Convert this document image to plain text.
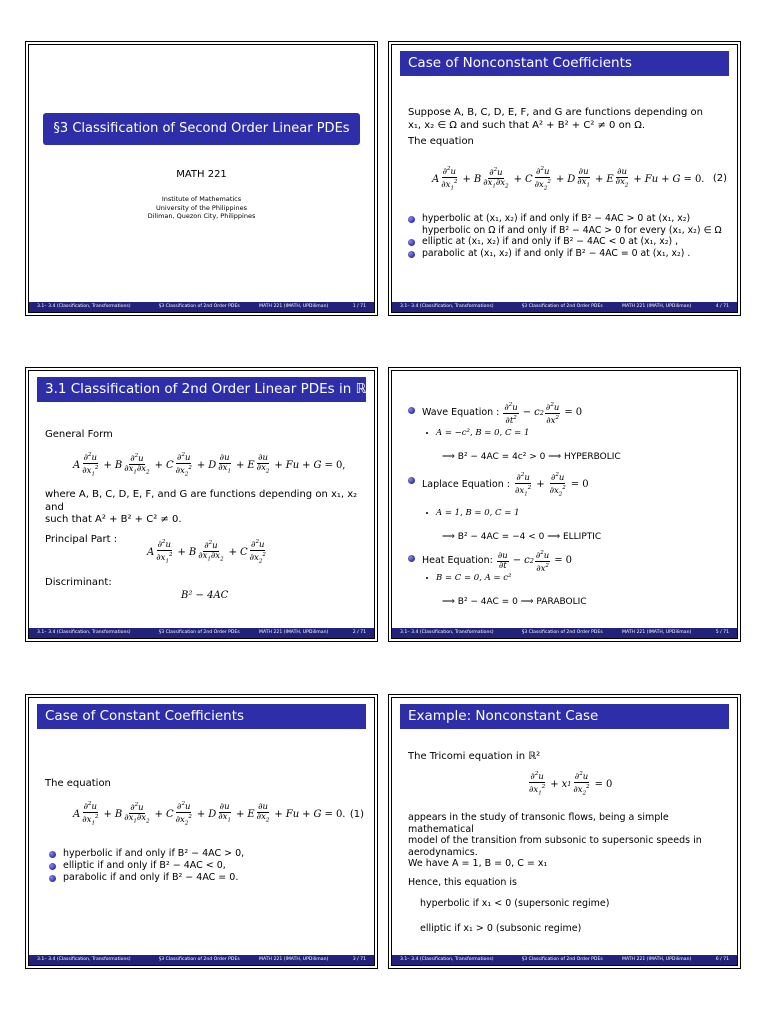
§3 Classification of Second Order Linear PDEs
MATH 221
Institute of Mathematics
University of the Philippines
Diliman, Quezon City, Philippines
3.1– 3.4 (Classification, Transformations)	§3 Classification of 2nd Order PDEs	MATH 221 (IMATH, UPDiliman)	1 / 71
Case of Nonconstant Coefficients

Suppose A, B, C, D, E, F, and G are functions depending on

x₁, x₂ ∈ Ω and such that A² + B² + C² ≠ 0 on Ω.

The equation

A $\frac{\partial^2u}{\partial x_1^2} + B \frac{\partial^2u}{\partial x_1\partial x_2} + C \frac{\partial^2u}{\partial x_2^2} + D \frac{\partial u}{\partial x_1} + E \frac{\partial u}{\partial x_2} + Fu + G = 0$. (2)
hyperbolic at (x₁, x₂) if and only if B² − 4AC > 0 at (x₁, x₂)
hyperbolic on Ω if and only if B² − 4AC > 0 for every (x₁, x₂) ∈ Ω
elliptic at (x₁, x₂) if and only if B² − 4AC < 0 at (x₁, x₂) ,
parabolic at (x₁, x₂) if and only if B² − 4AC = 0 at (x₁, x₂) .
3.1– 3.4 (Classification, Transformations)	§3 Classification of 2nd Order PDEs	MATH 221 (IMATH, UPDiliman)	4 / 71
3.1 Classification of 2nd Order Linear PDEs in ℝ$^2$

General Form

A $\frac{\partial^2u}{\partial x_1^2} + B \frac{\partial^2u}{\partial x_1\partial x_2} + C \frac{\partial^2u}{\partial x_2^2} + D \frac{\partial u}{\partial x_1} + E \frac{\partial u}{\partial x_2} + Fu + G = 0$,

where A, B, C, D, E, F, and G are functions depending on x₁, x₂ and

such that A² + B² + C² ≠ 0.

Principal Part :

A $\frac{\partial^2u}{\partial x_1^2} + B \frac{\partial^2u}{\partial x_1\partial x_2} + C \frac{\partial^2u}{\partial x_2^2}$

Discriminant:

B² − 4AC
3.1– 3.4 (Classification, Transformations)	§3 Classification of 2nd Order PDEs	MATH 221 (IMATH, UPDiliman)	2 / 71
Wave Equation : $\frac{\partial^2u}{\partial t^2} - c$ $2 \frac{\partial^2u}{\partial x^2} = 0$
A = −c², B = 0, C = 1
⟹ B² − 4AC = 4c² > 0 ⟹ HYPERBOLIC
Laplace Equation : $\frac{\partial^2u}{\partial x_1^2} + \frac{\partial^2u}{\partial x_2^2} = 0$
A = 1, B = 0, C = 1
⟹ B² − 4AC = −4 < 0 ⟹ ELLIPTIC
Heat Equation: $\frac{\partial u}{\partial t} - c$ $2 \frac{\partial^2u}{\partial x^2} = 0$
B = C = 0, A = c²
⟹ B² − 4AC = 0 ⟹ PARABOLIC
3.1– 3.4 (Classification, Transformations)	§3 Classification of 2nd Order PDEs	MATH 221 (IMATH, UPDiliman)	5 / 71
Case of Constant Coefficients

The equation

A $\frac{\partial^2u}{\partial x_1^2} + B \frac{\partial^2u}{\partial x_1\partial x_2} + C \frac{\partial^2u}{\partial x_2^2} + D \frac{\partial u}{\partial x_1} + E \frac{\partial u}{\partial x_2} + Fu + G = 0$. (1)
hyperbolic if and only if B² − 4AC > 0,
elliptic if and only if B² − 4AC < 0,
parabolic if and only if B² − 4AC = 0.
3.1– 3.4 (Classification, Transformations)	§3 Classification of 2nd Order PDEs	MATH 221 (IMATH, UPDiliman)	3 / 71
Example: Nonconstant Case

The Tricomi equation in ℝ²

$\frac{\partial^2u}{\partial x_1^2} + x$ $1 \frac{\partial^2u}{\partial x_2^2} = 0$

appears in the study of transonic flows, being a simple mathematical

model of the transition from subsonic to supersonic speeds in

aerodynamics.

We have A = 1, B = 0, C = x₁

Hence, this equation is

hyperbolic if x₁ < 0 (supersonic regime)

elliptic if x₁ > 0 (subsonic regime)

3.1– 3.4 (Classification, Transformations)	§3 Classification of 2nd Order PDEs	MATH 221 (IMATH, UPDiliman)	6 / 71
